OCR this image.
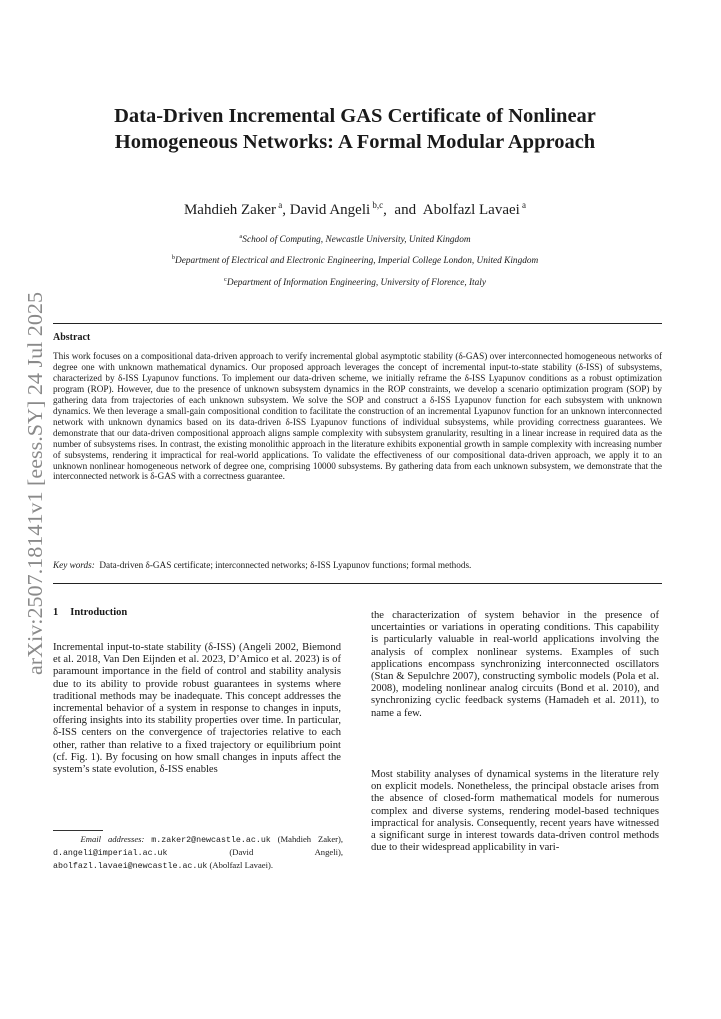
arXiv:2507.18141v1 [eess.SY] 24 Jul 2025
Data-Driven Incremental GAS Certificate of Nonlinear
Homogeneous Networks: A Formal Modular Approach
Mahdieh Zaker $^a$, David Angeli $^{b,c}$,  and  Abolfazl Lavaei $^a$
$^a$School of Computing, Newcastle University, United Kingdom
$^b$Department of Electrical and Electronic Engineering, Imperial College London, United Kingdom
$^c$Department of Information Engineering, University of Florence, Italy
Abstract

This work focuses on a compositional data-driven approach to verify incremental global asymptotic stability (δ-GAS) over interconnected homogeneous networks of degree one with unknown mathematical dynamics. Our proposed approach leverages the concept of incremental input-to-state stability (δ-ISS) of subsystems, characterized by δ-ISS Lyapunov functions. To implement our data-driven scheme, we initially reframe the δ-ISS Lyapunov conditions as a robust optimization program (ROP). However, due to the presence of unknown subsystem dynamics in the ROP constraints, we develop a scenario optimization program (SOP) by gathering data from trajectories of each unknown subsystem. We solve the SOP and construct a δ-ISS Lyapunov function for each subsystem with unknown dynamics. We then leverage a small-gain compositional condition to facilitate the construction of an incremental Lyapunov function for an unknown interconnected network with unknown dynamics based on its data-driven δ-ISS Lyapunov functions of individual subsystems, while providing correctness guarantees. We demonstrate that our data-driven compositional approach aligns sample complexity with subsystem granularity, resulting in a linear increase in required data as the number of subsystems rises. In contrast, the existing monolithic approach in the literature exhibits exponential growth in sample complexity with increasing number of subsystems, rendering it impractical for real-world applications. To validate the effectiveness of our compositional data-driven approach, we apply it to an unknown nonlinear homogeneous network of degree one, comprising 10000 subsystems. By gathering data from each unknown subsystem, we demonstrate that the interconnected network is δ-GAS with a correctness guarantee.

Key words: Data-driven δ-GAS certificate; interconnected networks; δ-ISS Lyapunov functions; formal methods.
1 Introduction

Incremental input-to-state stability (δ-ISS) (Angeli 2002, Biemond et al. 2018, Van Den Eijnden et al. 2023, D’Amico et al. 2023) is of paramount importance in the field of control and stability analysis due to its ability to provide robust guarantees in systems where traditional methods may be inadequate. This concept addresses the incremental behavior of a system in response to changes in inputs, offering insights into its stability properties over time. In particular, δ-ISS centers on the convergence of trajectories relative to each other, rather than relative to a fixed trajectory or equilibrium point (cf. Fig. 1). By focusing on how small changes in inputs affect the system’s state evolution, δ-ISS enables

the characterization of system behavior in the presence of uncertainties or variations in operating conditions. This capability is particularly valuable in real-world applications involving the analysis of complex nonlinear systems. Examples of such applications encompass synchronizing interconnected oscillators (Stan & Sepulchre 2007), constructing symbolic models (Pola et al. 2008), modeling nonlinear analog circuits (Bond et al. 2010), and synchronizing cyclic feedback systems (Hamadeh et al. 2011), to name a few.

Most stability analyses of dynamical systems in the literature rely on explicit models. Nonetheless, the principal obstacle arises from the absence of closed-form mathematical models for numerous complex and diverse systems, rendering model-based techniques impractical for analysis. Consequently, recent years have witnessed a significant surge in interest towards data-driven control methods due to their widespread applicability in vari-

Email addresses: m.zaker2@newcastle.ac.uk (Mahdieh Zaker), d.angeli@imperial.ac.uk	(David Angeli), abolfazl.lavaei@newcastle.ac.uk (Abolfazl Lavaei).
